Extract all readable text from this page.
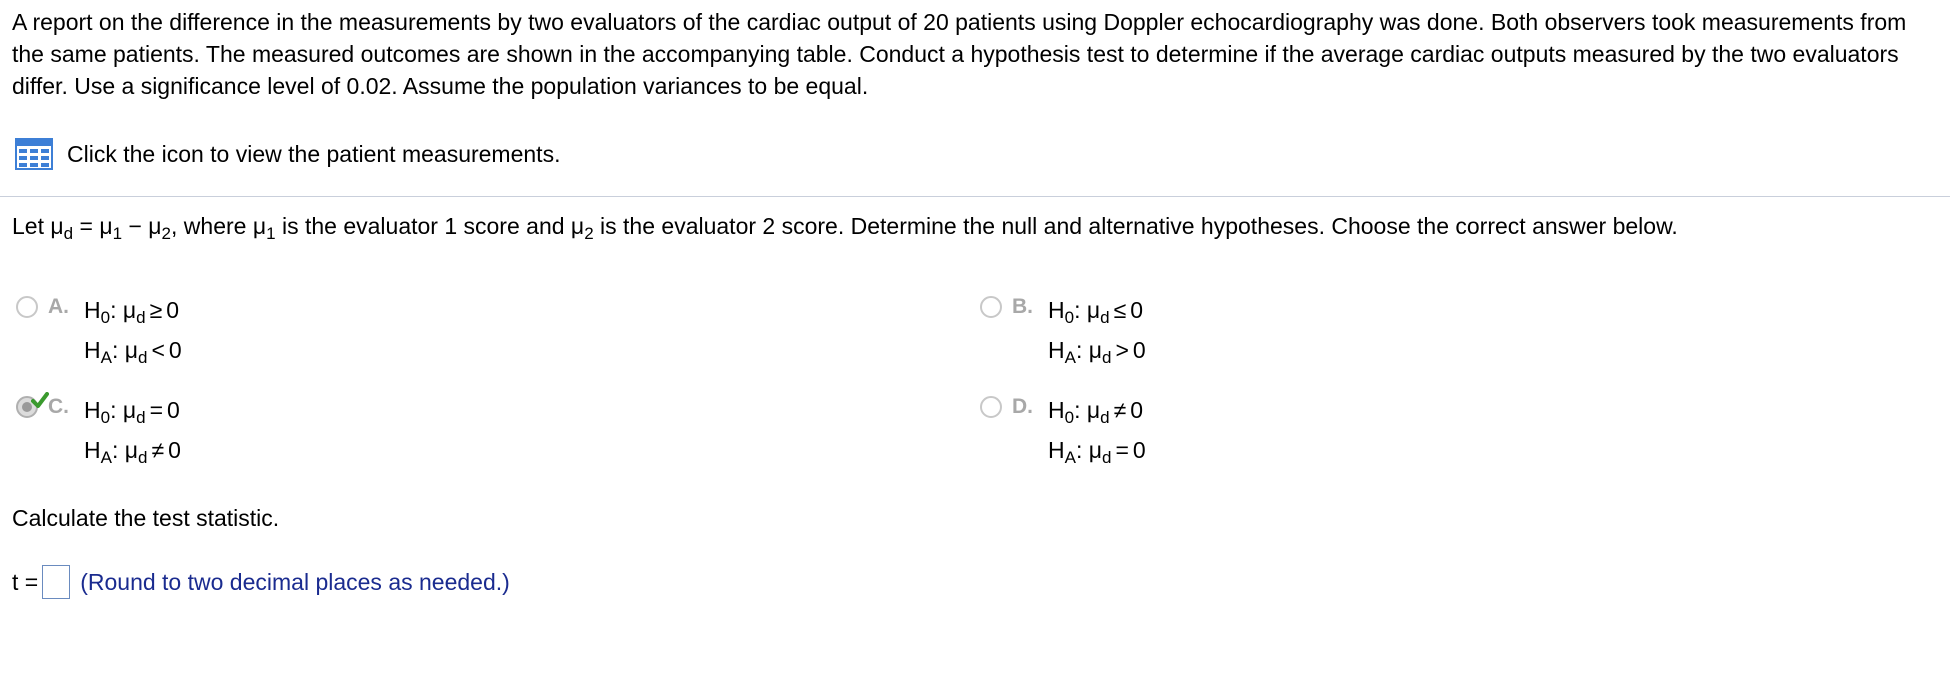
A report on the difference in the measurements by two evaluators of the cardiac output of 20 patients using Doppler echocardiography was done. Both observers took measurements from the same patients. The measured outcomes are shown in the accompanying table. Conduct a hypothesis test to determine if the average cardiac outputs measured by the two evaluators differ. Use a significance level of 0.02. Assume the population variances to be equal.
Click the icon to view the patient measurements.
Let $\mu_d = \mu_1 - \mu_2$, where $\mu_1$ is the evaluator 1 score and $\mu_2$ is the evaluator 2 score. Determine the null and alternative hypotheses. Choose the correct answer below.
A. $H_0$: $\mu_d \ge 0$
$H_A$: $\mu_d < 0$
B. $H_0$: $\mu_d \le 0$
$H_A$: $\mu_d > 0$
C. $H_0$: $\mu_d = 0$
$H_A$: $\mu_d \ne 0$
D. $H_0$: $\mu_d \ne 0$
$H_A$: $\mu_d = 0$
Calculate the test statistic.
t = (Round to two decimal places as needed.)
